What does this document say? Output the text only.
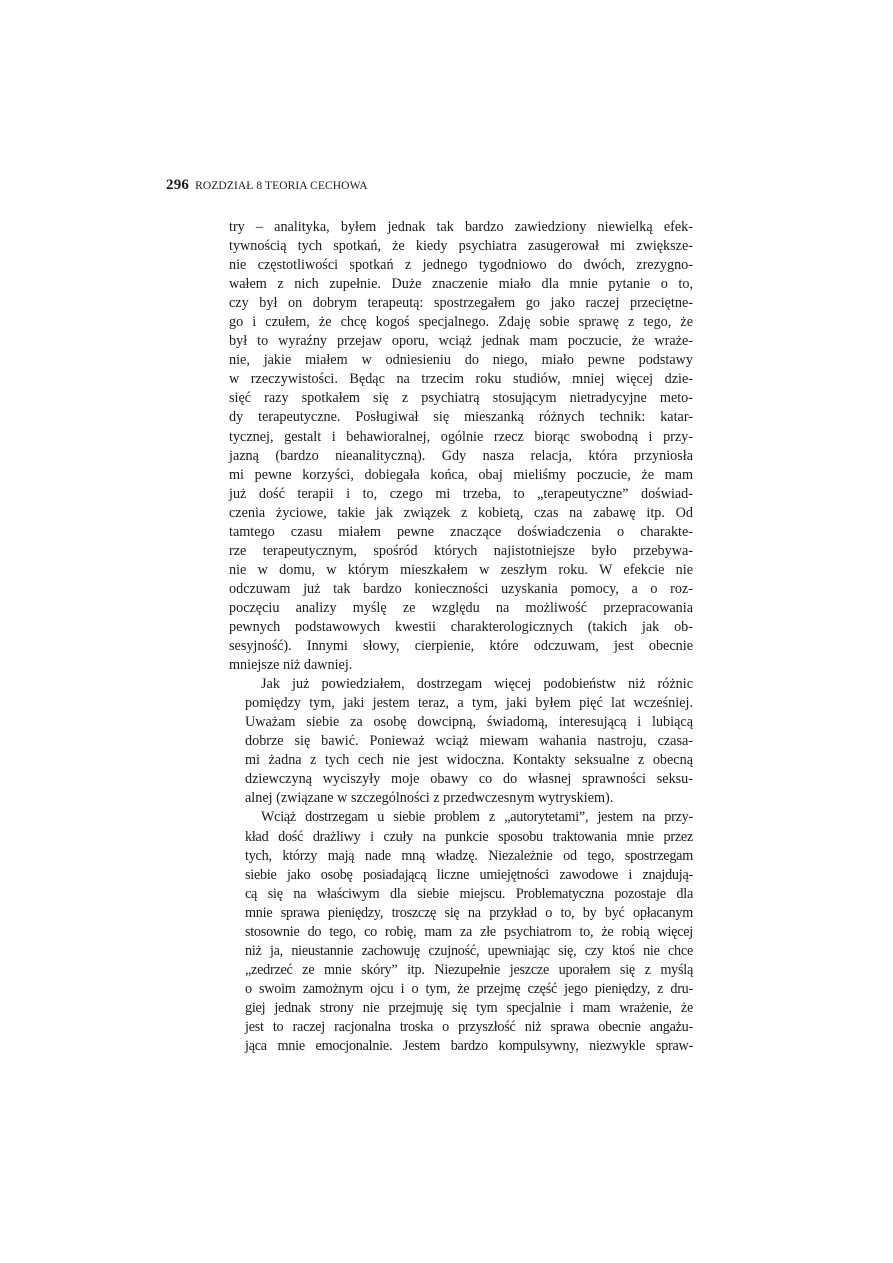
296 ROZDZIAŁ 8 TEORIA CECHOWA

try – analityka, byłem jednak tak bardzo zawiedziony niewielką efek-
tywnością tych spotkań, że kiedy psychiatra zasugerował mi zwiększe-
nie częstotliwości spotkań z jednego tygodniowo do dwóch, zrezygno-
wałem z nich zupełnie. Duże znaczenie miało dla mnie pytanie o to,
czy był on dobrym terapeutą: spostrzegałem go jako raczej przeciętne-
go i czułem, że chcę kogoś specjalnego. Zdaję sobie sprawę z tego, że
był to wyraźny przejaw oporu, wciąż jednak mam poczucie, że wraże-
nie, jakie miałem w odniesieniu do niego, miało pewne podstawy
w rzeczywistości. Będąc na trzecim roku studiów, mniej więcej dzie-
sięć razy spotkałem się z psychiatrą stosującym nietradycyjne meto-
dy terapeutyczne. Posługiwał się mieszanką różnych technik: katar-
tycznej, gestalt i behawioralnej, ogólnie rzecz biorąc swobodną i przy-
jazną (bardzo nieanalityczną). Gdy nasza relacja, która przyniosła
mi pewne korzyści, dobiegała końca, obaj mieliśmy poczucie, że mam
już dość terapii i to, czego mi trzeba, to „terapeutyczne” doświad-
czenia życiowe, takie jak związek z kobietą, czas na zabawę itp. Od
tamtego czasu miałem pewne znaczące doświadczenia o charakte-
rze terapeutycznym, spośród których najistotniejsze było przebywa-
nie w domu, w którym mieszkałem w zeszłym roku. W efekcie nie
odczuwam już tak bardzo konieczności uzyskania pomocy, a o roz-
poczęciu analizy myślę ze względu na możliwość przepracowania
pewnych podstawowych kwestii charakterologicznych (takich jak ob-
sesyjność). Innymi słowy, cierpienie, które odczuwam, jest obecnie
mniejsze niż dawniej.

Jak już powiedziałem, dostrzegam więcej podobieństw niż różnic
pomiędzy tym, jaki jestem teraz, a tym, jaki byłem pięć lat wcześniej.
Uważam siebie za osobę dowcipną, świadomą, interesującą i lubiącą
dobrze się bawić. Ponieważ wciąż miewam wahania nastroju, czasa-
mi żadna z tych cech nie jest widoczna. Kontakty seksualne z obecną
dziewczyną wyciszyły moje obawy co do własnej sprawności seksu-
alnej (związane w szczególności z przedwczesnym wytryskiem).

Wciąż dostrzegam u siebie problem z „autorytetami”, jestem na przy-
kład dość drażliwy i czuły na punkcie sposobu traktowania mnie przez
tych, którzy mają nade mną władzę. Niezależnie od tego, spostrzegam
siebie jako osobę posiadającą liczne umiejętności zawodowe i znajdują-
cą się na właściwym dla siebie miejscu. Problematyczna pozostaje dla
mnie sprawa pieniędzy, troszczę się na przykład o to, by być opłacanym
stosownie do tego, co robię, mam za złe psychiatrom to, że robią więcej
niż ja, nieustannie zachowuję czujność, upewniając się, czy ktoś nie chce
„zedrzeć ze mnie skóry” itp. Niezupełnie jeszcze uporałem się z myślą
o swoim zamożnym ojcu i o tym, że przejmę część jego pieniędzy, z dru-
giej jednak strony nie przejmuję się tym specjalnie i mam wrażenie, że
jest to raczej racjonalna troska o przyszłość niż sprawa obecnie angażu-
jąca mnie emocjonalnie. Jestem bardzo kompulsywny, niezwykle spraw-
